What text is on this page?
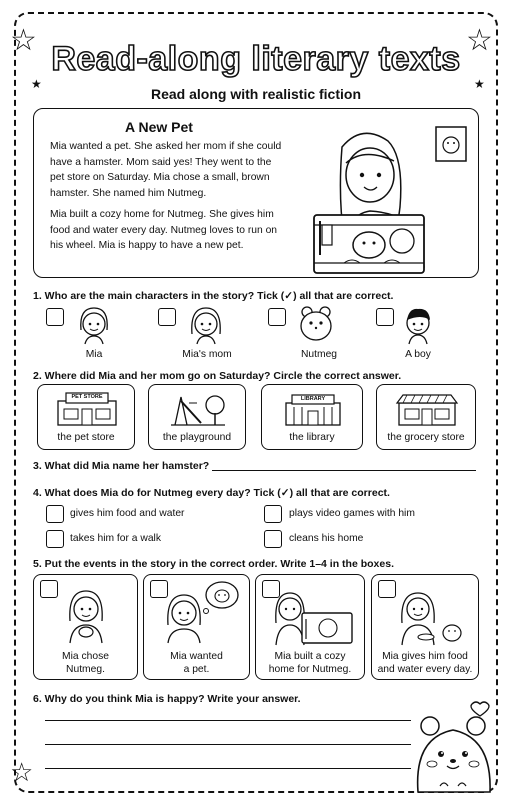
☆	☆
★	★
☆
Read-along literary texts
Read along with realistic fiction
A New Pet
Mia wanted a pet. She asked her mom if she could have a hamster. Mom said yes! They went to the pet store on Saturday. Mia chose a small, brown hamster. She named him Nutmeg.
Mia built a cozy home for Nutmeg. She gives him food and water every day. Nutmeg loves to run on his wheel. Mia is happy to have a new pet.
1. Who are the main characters in the story? Tick (✓) all that are correct.
Mia	Mia's mom	Nutmeg	A boy
2. Where did Mia and her mom go on Saturday? Circle the correct answer.
PET STORE
the pet store	the playground
LIBRARY
the library	the grocery store
3. What did Mia name her hamster?
4. What does Mia do for Nutmeg every day? Tick (✓) all that are correct.
gives him food and water	plays video games with him
takes him for a walk	cleans his home
5. Put the events in the story in the correct order. Write 1–4 in the boxes.
Mia chose
Nutmeg.
Mia wanted
a pet.
Mia built a cozy
home for Nutmeg.
Mia gives him food
and water every day.
6. Why do you think Mia is happy? Write your answer.
